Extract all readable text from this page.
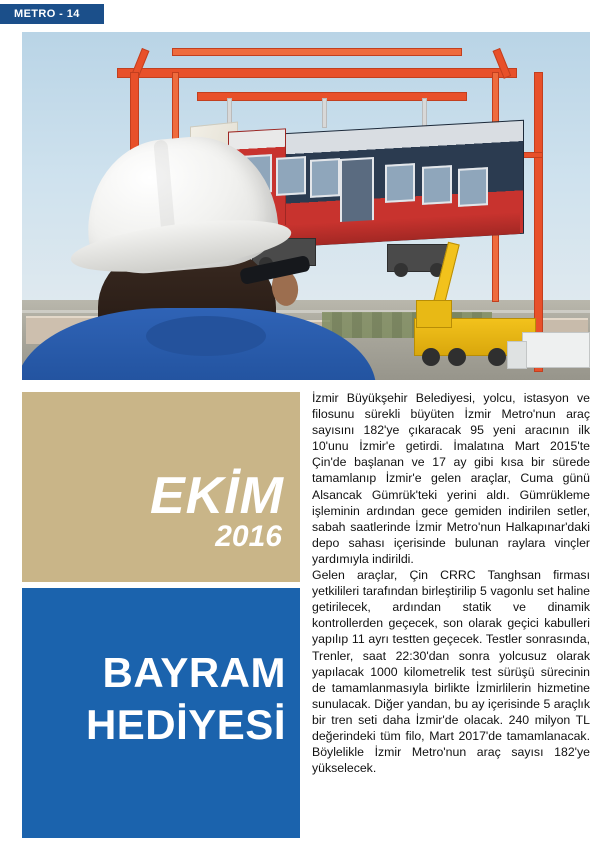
METRO - 14
EKİM
2016
BAYRAM
HEDİYESİ

İzmir Büyükşehir Belediyesi, yolcu, istasyon ve filosunu sürekli büyüten İzmir Metro'nun araç sayısını 182'ye çıkaracak 95 yeni aracının ilk 10'unu İzmir'e getirdi. İmalatına Mart 2015'te Çin'de başlanan ve 17 ay gibi kısa bir sürede tamamlanıp İzmir'e gelen araçlar, Cuma günü Alsancak Gümrük'teki yerini aldı. Gümrükleme işleminin ardından gece gemiden indirilen setler, sabah saatlerinde İzmir Metro'nun Halkapınar'daki depo sahası içerisinde bulunan raylara vinçler yardımıyla indirildi.

Gelen araçlar, Çin CRRC Tanghsan firması yetkilileri tarafından birleştirilip 5 vagonlu set haline getirilecek, ardından statik ve dinamik kontrollerden geçecek, son olarak geçici kabulleri yapılıp 11 ayrı testten geçecek. Testler sonrasında, Trenler, saat 22:30'dan sonra yolcusuz olarak yapılacak 1000 kilometrelik test sürüşü sürecinin de tamamlanmasıyla birlikte İzmirlilerin hizmetine sunulacak. Diğer yandan, bu ay içerisinde 5 araçlık bir tren seti daha İzmir'de olacak. 240 milyon TL değerindeki tüm filo, Mart 2017'de tamamlanacak. Böylelikle İzmir Metro'nun araç sayısı 182'ye yükselecek.
